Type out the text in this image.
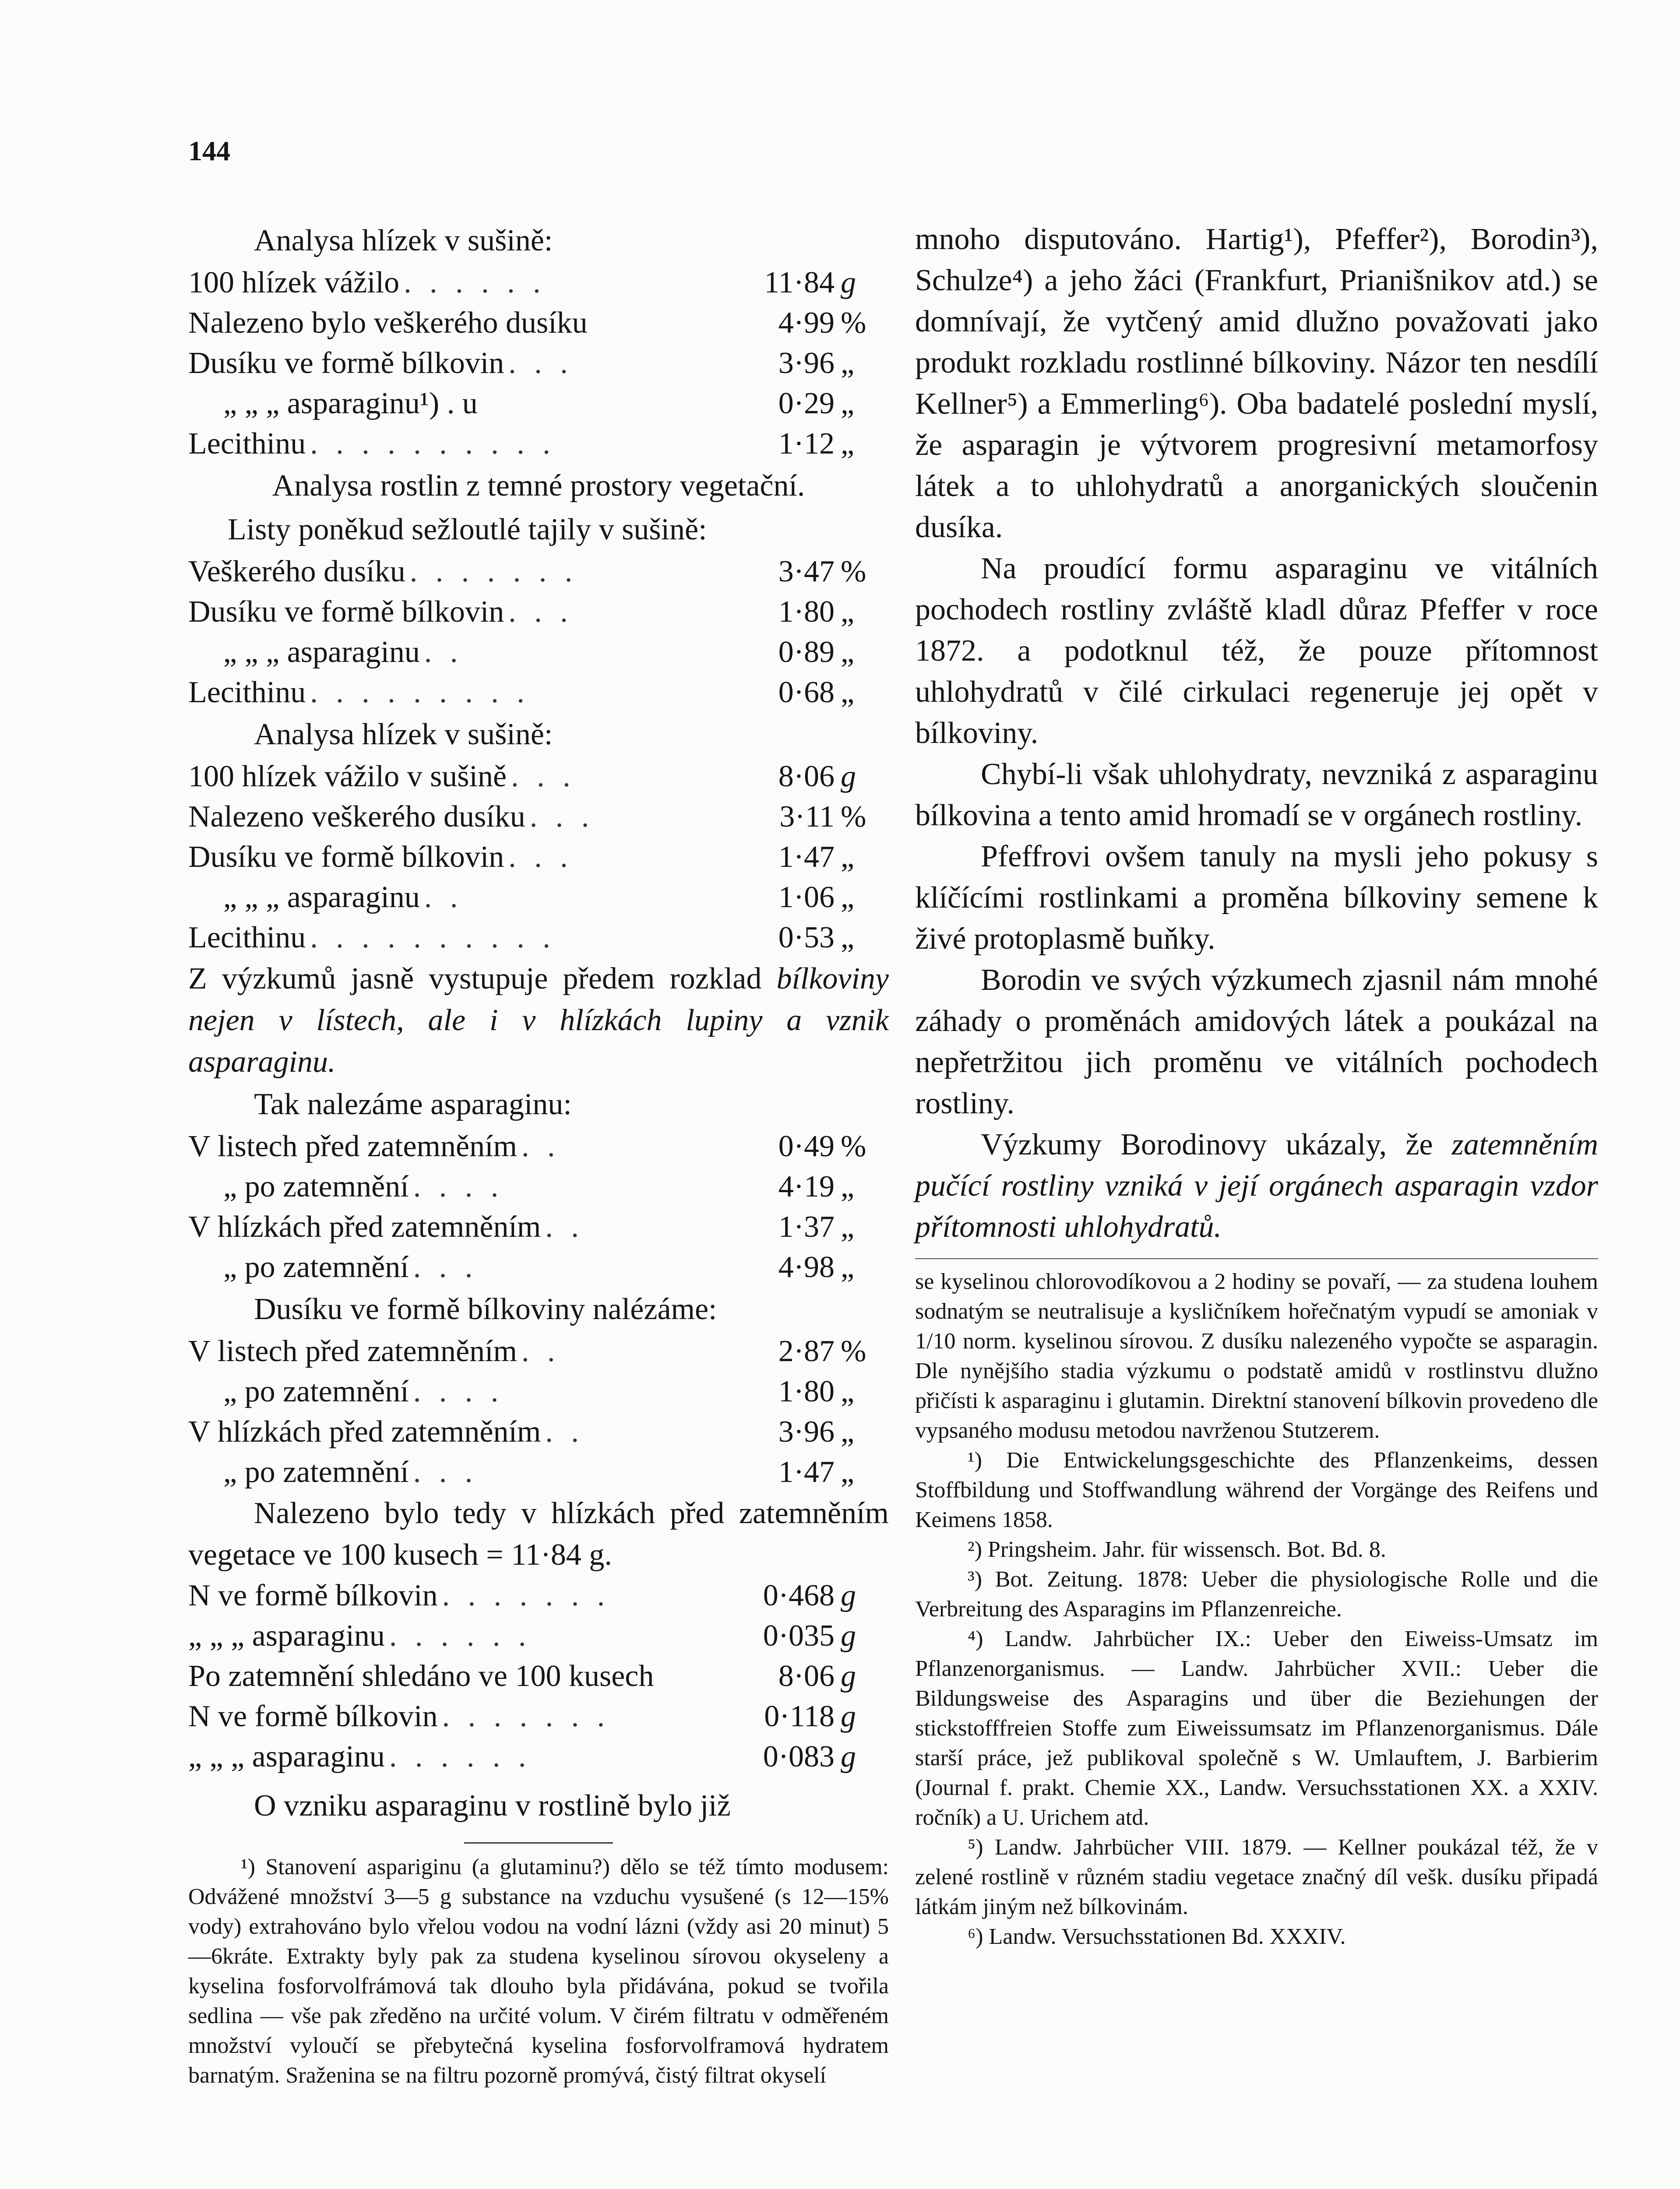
144
Analysa hlízek v sušině:
100 hlízek vážilo . . . . . .	11·84 g
Nalezeno bylo veškerého dusíku	4·99 %
Dusíku ve formě bílkovin . . .	3·96 „
„ „ „ asparaginu¹) . u	0·29 „
Lecithinu . . . . . . . . . .	1·12 „
Analysa rostlin z temné prostory vegetační.
Listy poněkud sežloutlé tajily v sušině:
Veškerého dusíku . . . . . . .	3·47 %
Dusíku ve formě bílkovin . . .	1·80 „
„ „ „ asparaginu . .	0·89 „
Lecithinu . . . . . . . . .	0·68 „
Analysa hlízek v sušině:
100 hlízek vážilo v sušině . . .	8·06 g
Nalezeno veškerého dusíku . . .	3·11 %
Dusíku ve formě bílkovin . . .	1·47 „
„ „ „ asparaginu . .	1·06 „
Lecithinu . . . . . . . . . .	0·53 „

Z výzkumů jasně vystupuje předem rozklad bílkoviny nejen v lístech, ale i v hlízkách lupiny a vznik asparaginu.

Tak nalezáme asparaginu:
V listech před zatemněním . .	0·49 %
„ po zatemnění . . . .	4·19 „
V hlízkách před zatemněním . .	1·37 „
„ po zatemnění . . .	4·98 „
Dusíku ve formě bílkoviny nalézáme:
V listech před zatemněním . .	2·87 %
„ po zatemnění . . . .	1·80 „
V hlízkách před zatemněním . .	3·96 „
„ po zatemnění . . .	1·47 „

Nalezeno bylo tedy v hlízkách před zatemněním vegetace ve 100 kusech = 11·84 g.

N ve formě bílkovin . . . . . . .	0·468 g
„ „ „ asparaginu . . . . . .	0·035 g
Po zatemnění shledáno ve 100 kusech	8·06 g
N ve formě bílkovin . . . . . . .	0·118 g
„ „ „ asparaginu . . . . . .	0·083 g

O vzniku asparaginu v rostlině bylo již

¹) Stanovení aspariginu (a glutaminu?) dělo se též tímto modusem: Odvážené množství 3—5 g substance na vzduchu vysušené (s 12—15% vody) extrahováno bylo vřelou vodou na vodní lázni (vždy asi 20 minut) 5—6kráte. Extrakty byly pak za studena kyselinou sírovou okyseleny a kyselina fosforvolfrámová tak dlouho byla přidávána, pokud se tvořila sedlina — vše pak zředěno na určité volum. V čirém filtratu v odměřeném množství vyloučí se přebytečná kyselina fosforvolframová hydratem barnatým. Sraženina se na filtru pozorně promývá, čistý filtrat okyselí

mnoho disputováno. Hartig¹), Pfeffer²), Borodin³), Schulze⁴) a jeho žáci (Frankfurt, Prianišnikov atd.) se domnívají, že vytčený amid dlužno považovati jako produkt rozkladu rostlinné bílkoviny. Názor ten nesdílí Kellner⁵) a Emmerling⁶). Oba badatelé poslední myslí, že asparagin je výtvorem progresivní metamorfosy látek a to uhlohydratů a anorganických sloučenin dusíka.

Na proudící formu asparaginu ve vitálních pochodech rostliny zvláště kladl důraz Pfeffer v roce 1872. a podotknul též, že pouze přítomnost uhlohydratů v čilé cirkulaci regeneruje jej opět v bílkoviny.

Chybí-li však uhlohydraty, nevzniká z asparaginu bílkovina a tento amid hromadí se v orgánech rostliny.

Pfeffrovi ovšem tanuly na mysli jeho pokusy s klíčícími rostlinkami a proměna bílkoviny semene k živé protoplasmě buňky.

Borodin ve svých výzkumech zjasnil nám mnohé záhady o proměnách amidových látek a poukázal na nepřetržitou jich proměnu ve vitálních pochodech rostliny.

Výzkumy Borodinovy ukázaly, že zatemněním pučící rostliny vzniká v její orgánech asparagin vzdor přítomnosti uhlohydratů.

se kyselinou chlorovodíkovou a 2 hodiny se povaří, — za studena louhem sodnatým se neutralisuje a kysličníkem hořečnatým vypudí se amoniak v 1/10 norm. kyselinou sírovou. Z dusíku nalezeného vypočte se asparagin. Dle nynějšího stadia výzkumu o podstatě amidů v rostlinstvu dlužno přičísti k asparaginu i glutamin. Direktní stanovení bílkovin provedeno dle vypsaného modusu metodou navrženou Stutzerem.

¹) Die Entwickelungsgeschichte des Pflanzenkeims, dessen Stoffbildung und Stoffwandlung während der Vorgänge des Reifens und Keimens 1858.

²) Pringsheim. Jahr. für wissensch. Bot. Bd. 8.

³) Bot. Zeitung. 1878: Ueber die physiologische Rolle und die Verbreitung des Asparagins im Pflanzenreiche.

⁴) Landw. Jahrbücher IX.: Ueber den Eiweiss-Umsatz im Pflanzenorganismus. — Landw. Jahrbücher XVII.: Ueber die Bildungsweise des Asparagins und über die Beziehungen der stickstofffreien Stoffe zum Eiweissumsatz im Pflanzenorganismus. Dále starší práce, jež publikoval společně s W. Umlauftem, J. Barbierim (Journal f. prakt. Chemie XX., Landw. Versuchsstationen XX. a XXIV. ročník) a U. Urichem atd.

⁵) Landw. Jahrbücher VIII. 1879. — Kellner poukázal též, že v zelené rostlině v různém stadiu vegetace značný díl vešk. dusíku připadá látkám jiným než bílkovinám.

⁶) Landw. Versuchsstationen Bd. XXXIV.
